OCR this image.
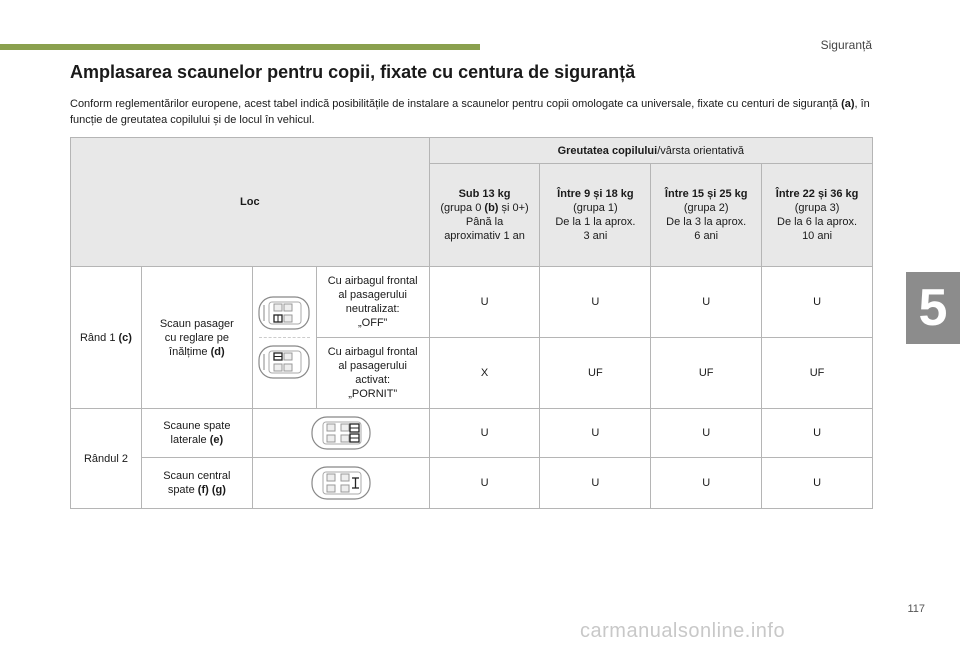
Siguranță
5
Amplasarea scaunelor pentru copii, fixate cu centura de siguranță
Conform reglementărilor europene, acest tabel indică posibilitățile de instalare a scaunelor pentru copii omologate ca universale, fixate cu centuri de siguranță (a), în funcție de greutatea copilului și de locul în vehicul.
Loc				Greutatea copilului/vârsta orientativă			
				Sub 13 kg
(grupa 0 (b) și 0+)
Până la
aproximativ 1 an	Între 9 și 18 kg
(grupa 1)
De la 1 la aprox.
3 ani	Între 15 și 25 kg
(grupa 2)
De la 3 la aprox.
6 ani	Între 22 și 36 kg
(grupa 3)
De la 6 la aprox.
10 ani
Rând 1 (c)	Scaun pasager
cu reglare pe
înălțime (d)		Cu airbagul frontal
al pasagerului
neutralizat:
„OFF”	U	U	U	U
			Cu airbagul frontal
al pasagerului
activat:
„PORNIT”	X	UF	UF	UF
Rândul 2	Scaune spate
laterale (e)			U	U	U	U
	Scaun central
spate (f) (g)			U	U	U	U
117
carmanualsonline.info
